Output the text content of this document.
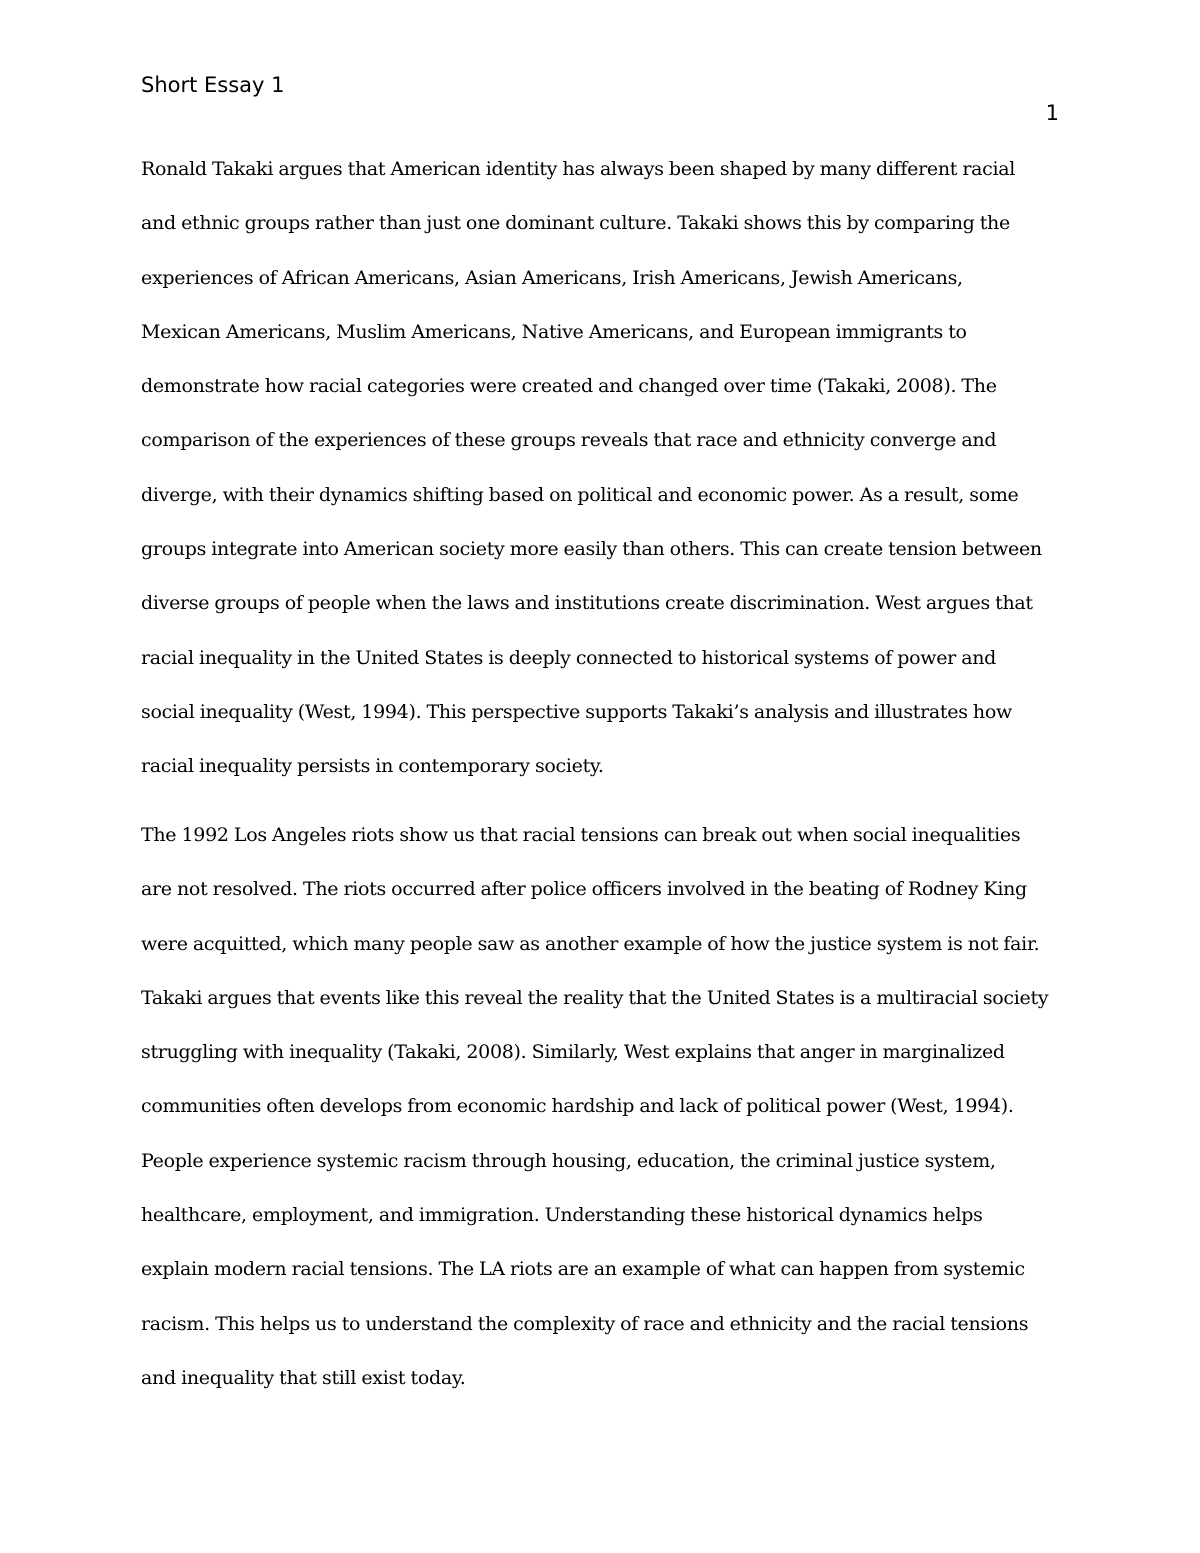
Short Essay 1
1
Ronald Takaki argues that American identity has always been shaped by many different racial
and ethnic groups rather than just one dominant culture. Takaki shows this by comparing the
experiences of African Americans, Asian Americans, Irish Americans, Jewish Americans,
Mexican Americans, Muslim Americans, Native Americans, and European immigrants to
demonstrate how racial categories were created and changed over time (Takaki, 2008). The
comparison of the experiences of these groups reveals that race and ethnicity converge and
diverge, with their dynamics shifting based on political and economic power. As a result, some
groups integrate into American society more easily than others. This can create tension between
diverse groups of people when the laws and institutions create discrimination. West argues that
racial inequality in the United States is deeply connected to historical systems of power and
social inequality (West, 1994). This perspective supports Takaki’s analysis and illustrates how
racial inequality persists in contemporary society.
The 1992 Los Angeles riots show us that racial tensions can break out when social inequalities
are not resolved. The riots occurred after police officers involved in the beating of Rodney King
were acquitted, which many people saw as another example of how the justice system is not fair.
Takaki argues that events like this reveal the reality that the United States is a multiracial society
struggling with inequality (Takaki, 2008). Similarly, West explains that anger in marginalized
communities often develops from economic hardship and lack of political power (West, 1994).
People experience systemic racism through housing, education, the criminal justice system,
healthcare, employment, and immigration. Understanding these historical dynamics helps
explain modern racial tensions. The LA riots are an example of what can happen from systemic
racism. This helps us to understand the complexity of race and ethnicity and the racial tensions
and inequality that still exist today.
